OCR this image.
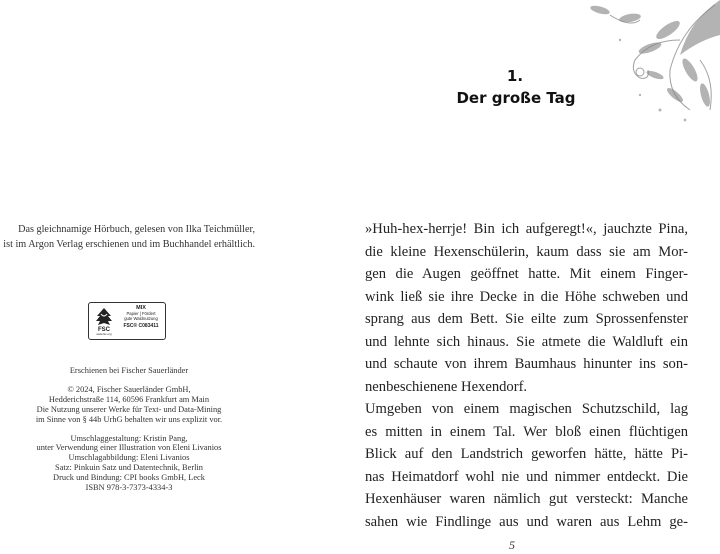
Das gleichnamige Hörbuch, gelesen von Ilka Teichmüller,
ist im Argon Verlag erschienen und im Buchhandel erhältlich.
FSC
www.fsc.org
MIX
Papier | Fördert
gute Waldnutzung
FSC® C083411
Erschienen bei Fischer Sauerländer
© 2024, Fischer Sauerländer GmbH,
Hedderichstraße 114, 60596 Frankfurt am Main
Die Nutzung unserer Werke für Text- und Data-Mining
im Sinne von § 44b UrhG behalten wir uns explizit vor.
Umschlaggestaltung: Kristin Pang,
unter Verwendung einer Illustration von Eleni Livanios
Umschlagabbildung: Eleni Livanios
Satz: Pinkuin Satz und Datentechnik, Berlin
Druck und Bindung: CPI books GmbH, Leck
ISBN 978-3-7373-4334-3
1.
Der große Tag
»Huh-hex-herrje! Bin ich aufgeregt!«, jauchzte Pina,
die kleine Hexenschülerin, kaum dass sie am Mor-
gen die Augen geöffnet hatte. Mit einem Finger-
wink ließ sie ihre Decke in die Höhe schweben und
sprang aus dem Bett. Sie eilte zum Sprossenfenster
und lehnte sich hinaus. Sie atmete die Waldluft ein
und schaute von ihrem Baumhaus hinunter ins son-
nenbeschienene Hexendorf.
Umgeben von einem magischen Schutzschild, lag
es mitten in einem Tal. Wer bloß einen flüchtigen
Blick auf den Landstrich geworfen hätte, hätte Pi-
nas Heimatdorf wohl nie und nimmer entdeckt. Die
Hexenhäuser waren nämlich gut versteckt: Manche
sahen wie Findlinge aus und waren aus Lehm ge-
5
